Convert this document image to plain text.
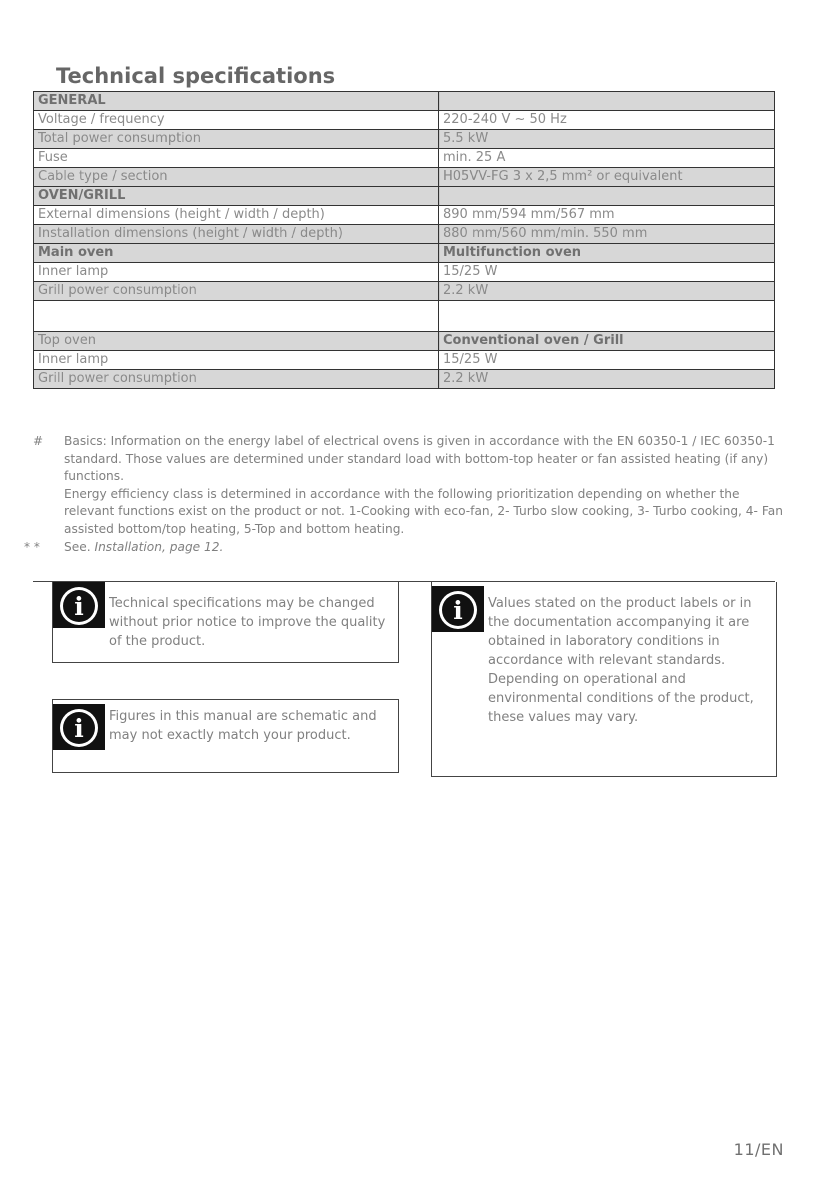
Technical specifications
GENERAL	
Voltage / frequency	220-240 V ~ 50 Hz
Total power consumption	5.5 kW
Fuse	min. 25 A
Cable type / section	H05VV-FG 3 x 2,5 mm² or equivalent
OVEN/GRILL	
External dimensions (height / width / depth)	890 mm/594 mm/567 mm
Installation dimensions (height / width / depth)	880 mm/560 mm/min. 550 mm
Main oven	Multifunction oven
Inner lamp	15/25 W
Grill power consumption	2.2 kW

Top oven	Conventional oven / Grill
Inner lamp	15/25 W
Grill power consumption	2.2 kW

# Basics: Information on the energy label of electrical ovens is given in accordance with the EN 60350-1 / IEC 60350-1 standard. Those values are determined under standard load with bottom-top heater or fan assisted heating (if any) functions.

Energy efficiency class is determined in accordance with the following prioritization depending on whether the relevant functions exist on the product or not. 1-Cooking with eco-fan, 2- Turbo slow cooking, 3- Turbo cooking, 4- Fan assisted bottom/top heating, 5-Top and bottom heating.

* * See. Installation, page 12.

i Technical specifications may be changed without prior notice to improve the quality of the product.
i Figures in this manual are schematic and may not exactly match your product.
i Values stated on the product labels or in the documentation accompanying it are obtained in laboratory conditions in accordance with relevant standards. Depending on operational and environmental conditions of the product, these values may vary.
11/EN
